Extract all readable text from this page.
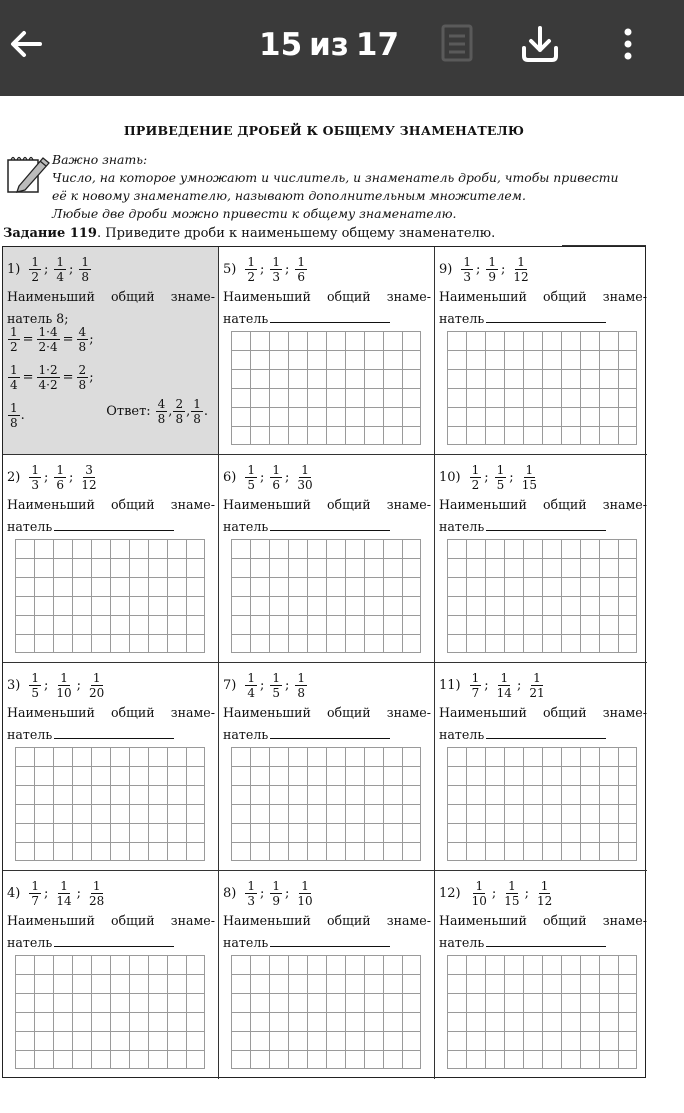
15 из 17
ПРИВЕДЕНИЕ ДРОБЕЙ К ОБЩЕМУ ЗНАМЕНАТЕЛЮ
Важно знать:
Число, на которое умножают и числитель, и знаменатель дроби, чтобы привести
её к новому знаменателю, называют дополнительным множителем.
Любые две дроби можно привести к общему знаменателю.
Задание 119. Приведите дроби к наименьшему общему знаменателю.
$1) \frac{1}{2}$ ; $\frac{1}{4}$ ; $\frac{1}{8}$
Наименьший общий знаме-
натель 8;
$\frac{1}{2} = \frac{1\cdot 4}{2\cdot 4} = \frac{4}{8}$ ;
$\frac{1}{4} = \frac{1\cdot 2}{4\cdot 2} = \frac{2}{8}$ ;
$\frac{1}{8}$ .	Ответ: $\frac{4}{8}$ , $\frac{2}{8}$ , $\frac{1}{8}$ .
$2) \frac{1}{3}$ ; $\frac{1}{6}$ ; $\frac{3}{12}$
Наименьший общий знаме-
натель
$3) \frac{1}{5}$ ; $\frac{1}{10}$ ; $\frac{1}{20}$
Наименьший общий знаме-
натель
$4) \frac{1}{7}$ ; $\frac{1}{14}$ ; $\frac{1}{28}$
Наименьший общий знаме-
натель
$5) \frac{1}{2}$ ; $\frac{1}{3}$ ; $\frac{1}{6}$
Наименьший общий знаме-
натель
$6) \frac{1}{5}$ ; $\frac{1}{6}$ ; $\frac{1}{30}$
Наименьший общий знаме-
натель
$7) \frac{1}{4}$ ; $\frac{1}{5}$ ; $\frac{1}{8}$
Наименьший общий знаме-
натель
$8) \frac{1}{3}$ ; $\frac{1}{9}$ ; $\frac{1}{10}$
Наименьший общий знаме-
натель
$9) \frac{1}{3}$ ; $\frac{1}{9}$ ; $\frac{1}{12}$
Наименьший общий знаме-
натель
$10) \frac{1}{2}$ ; $\frac{1}{5}$ ; $\frac{1}{15}$
Наименьший общий знаме-
натель
$11) \frac{1}{7}$ ; $\frac{1}{14}$ ; $\frac{1}{21}$
Наименьший общий знаме-
натель
$12) \frac{1}{10}$ ; $\frac{1}{15}$ ; $\frac{1}{12}$
Наименьший общий знаме-
натель
